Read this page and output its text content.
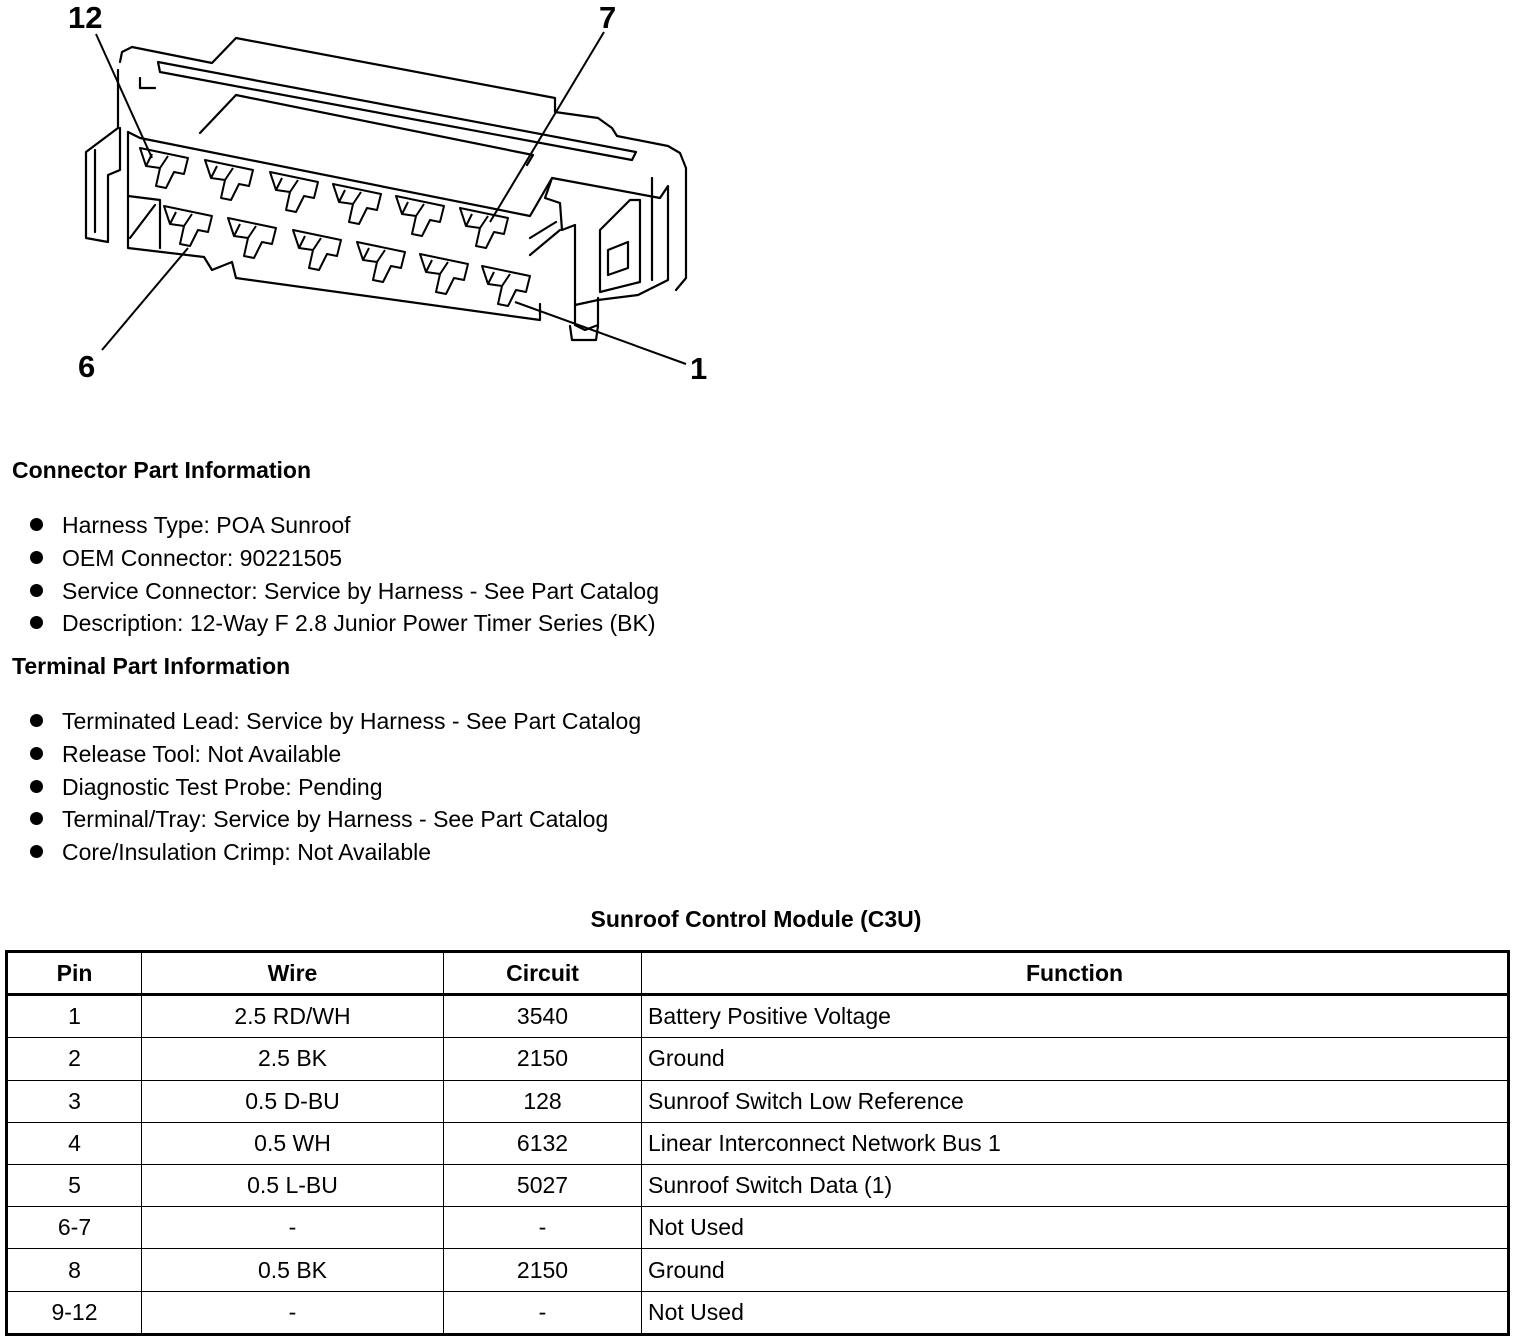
12	7
6	1
Connector Part Information
Harness Type: POA Sunroof
OEM Connector: 90221505
Service Connector: Service by Harness - See Part Catalog
Description: 12-Way F 2.8 Junior Power Timer Series (BK)
Terminal Part Information
Terminated Lead: Service by Harness - See Part Catalog
Release Tool: Not Available
Diagnostic Test Probe: Pending
Terminal/Tray: Service by Harness - See Part Catalog
Core/Insulation Crimp: Not Available
Sunroof Control Module (C3U)
Pin	Wire	Circuit	Function
1	2.5 RD/WH	3540	Battery Positive Voltage
2	2.5 BK	2150	Ground
3	0.5 D-BU	128	Sunroof Switch Low Reference
4	0.5 WH	6132	Linear Interconnect Network Bus 1
5	0.5 L-BU	5027	Sunroof Switch Data (1)
6-7	-	-	Not Used
8	0.5 BK	2150	Ground
9-12	-	-	Not Used
